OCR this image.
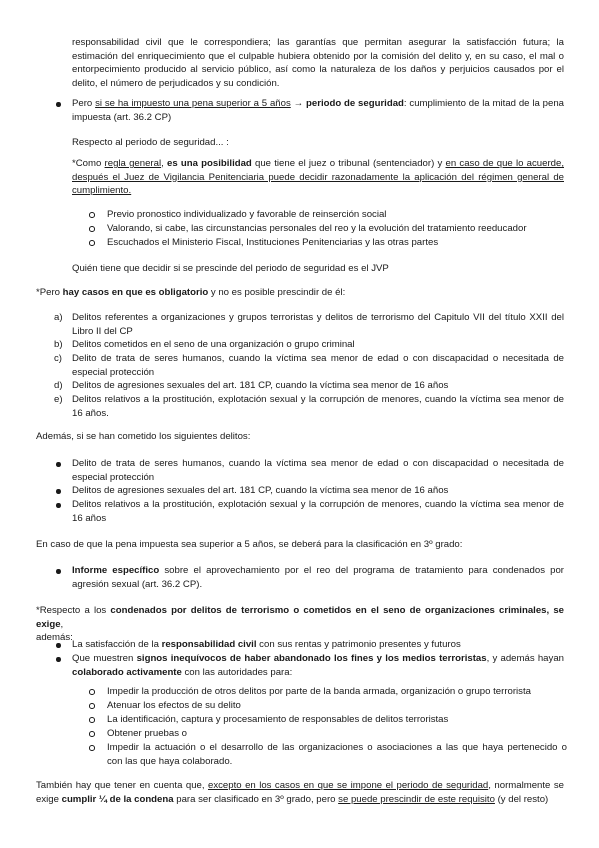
responsabilidad civil que le correspondiera; las garantías que permitan asegurar la satisfacción futura; la

estimación del enriquecimiento que el culpable hubiera obtenido por la comisión del delito y, en su caso, el mal o

entorpecimiento producido al servicio público, así como la naturaleza de los daños y perjuicios causados por el

delito, el número de perjudicados y su condición.

Pero si se ha impuesto una pena superior a 5 años → periodo de seguridad: cumplimiento de la mitad de la pena

impuesta (art. 36.2 CP)

Respecto al periodo de seguridad... :

*Como regla general, es una posibilidad que tiene el juez o tribunal (sentenciador) y en caso de que lo acuerde,

después el Juez de Vigilancia Penitenciaria puede decidir razonadamente la aplicación del régimen general de

cumplimiento.

Previo pronostico individualizado y favorable de reinserción social

Valorando, si cabe, las circunstancias personales del reo y la evolución del tratamiento reeducador

Escuchados el Ministerio Fiscal, Instituciones Penitenciarias y las otras partes

Quién tiene que decidir si se prescinde del periodo de seguridad es el JVP

*Pero hay casos en que es obligatorio y no es posible prescindir de él:

a) Delitos referentes a organizaciones y grupos terroristas y delitos de terrorismo del Capitulo VII del título XXII del

Libro II del CP

b) Delitos cometidos en el seno de una organización o grupo criminal

c) Delito de trata de seres humanos, cuando la víctima sea menor de edad o con discapacidad o necesitada de

especial protección

d) Delitos de agresiones sexuales del art. 181 CP, cuando la víctima sea menor de 16 años

e) Delitos relativos a la prostitución, explotación sexual y la corrupción de menores, cuando la víctima sea menor de

16 años.

Además, si se han cometido los siguientes delitos:

Delito de trata de seres humanos, cuando la víctima sea menor de edad o con discapacidad o necesitada de

especial protección

Delitos de agresiones sexuales del art. 181 CP, cuando la víctima sea menor de 16 años

Delitos relativos a la prostitución, explotación sexual y la corrupción de menores, cuando la víctima sea menor de

16 años

En caso de que la pena impuesta sea superior a 5 años, se deberá para la clasificación en 3º grado:

Informe específico sobre el aprovechamiento por el reo del programa de tratamiento para condenados por

agresión sexual (art. 36.2 CP).

*Respecto a los condenados por delitos de terrorismo o cometidos en el seno de organizaciones criminales, se exige,

además:

La satisfacción de la responsabilidad civil con sus rentas y patrimonio presentes y futuros

Que muestren signos inequívocos de haber abandonado los fines y los medios terroristas, y además hayan

colaborado activamente con las autoridades para:

Impedir la producción de otros delitos por parte de la banda armada, organización o grupo terrorista

Atenuar los efectos de su delito

La identificación, captura y procesamiento de responsables de delitos terroristas

Obtener pruebas o

Impedir la actuación o el desarrollo de las organizaciones o asociaciones a las que haya pertenecido o

con las que haya colaborado.

También hay que tener en cuenta que, excepto en los casos en que se impone el periodo de seguridad, normalmente se

exige cumplir ¼ de la condena para ser clasificado en 3º grado, pero se puede prescindir de este requisito (y del resto)
